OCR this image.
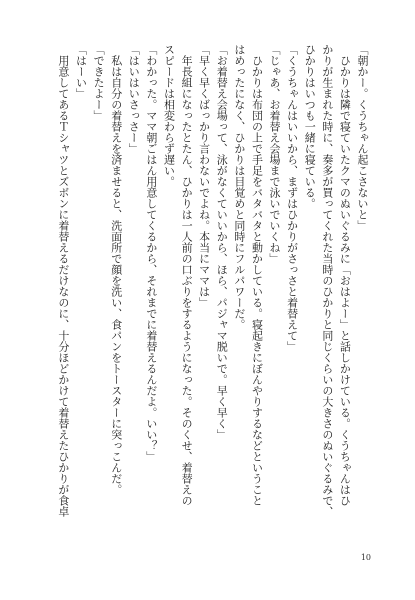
「朝かー。くうちゃん起こさないと」
　ひかりは隣で寝ていたクマのぬいぐるみに「おはよー」と話しかけている。くうちゃんはひ
かりが生まれた時に、奏多が買ってくれた当時のひかりと同じくらいの大きさのぬいぐるみで、
ひかりはいつも一緒に寝ている。
「くうちゃんはいいから、まずはひかりがさっさと着替えて」
「じゃあ、お着替え会場まで泳いでいくね」
　ひかりは布団の上で手足をバタバタと動かしている。寝起きにぼんやりするなどということ
はめったになく、ひかりは目覚めと同時にフルパワーだ。
「お着替え会場って、泳がなくていいから、ほら、パジャマ脱いで。早く早く」
「早く早くばっかり言わないでよね。本当にママは」
　年長組になったとたん、ひかりは一人前の口ぶりをするようになった。そのくせ、着替えの
スピードは相変わらず遅い。
「わかった。ママ朝ごはん用意してくるから、それまでに着替えるんだよ。いい？」
「はいはいさっさー」
　私は自分の着替えを済ませると、洗面所で顔を洗い、食パンをトースターに突っこんだ。
「できたよー」
「はーい」
　用意してあるＴシャツとズボンに着替えるだけなのに、十分ほどかけて着替えたひかりが食卓
10
